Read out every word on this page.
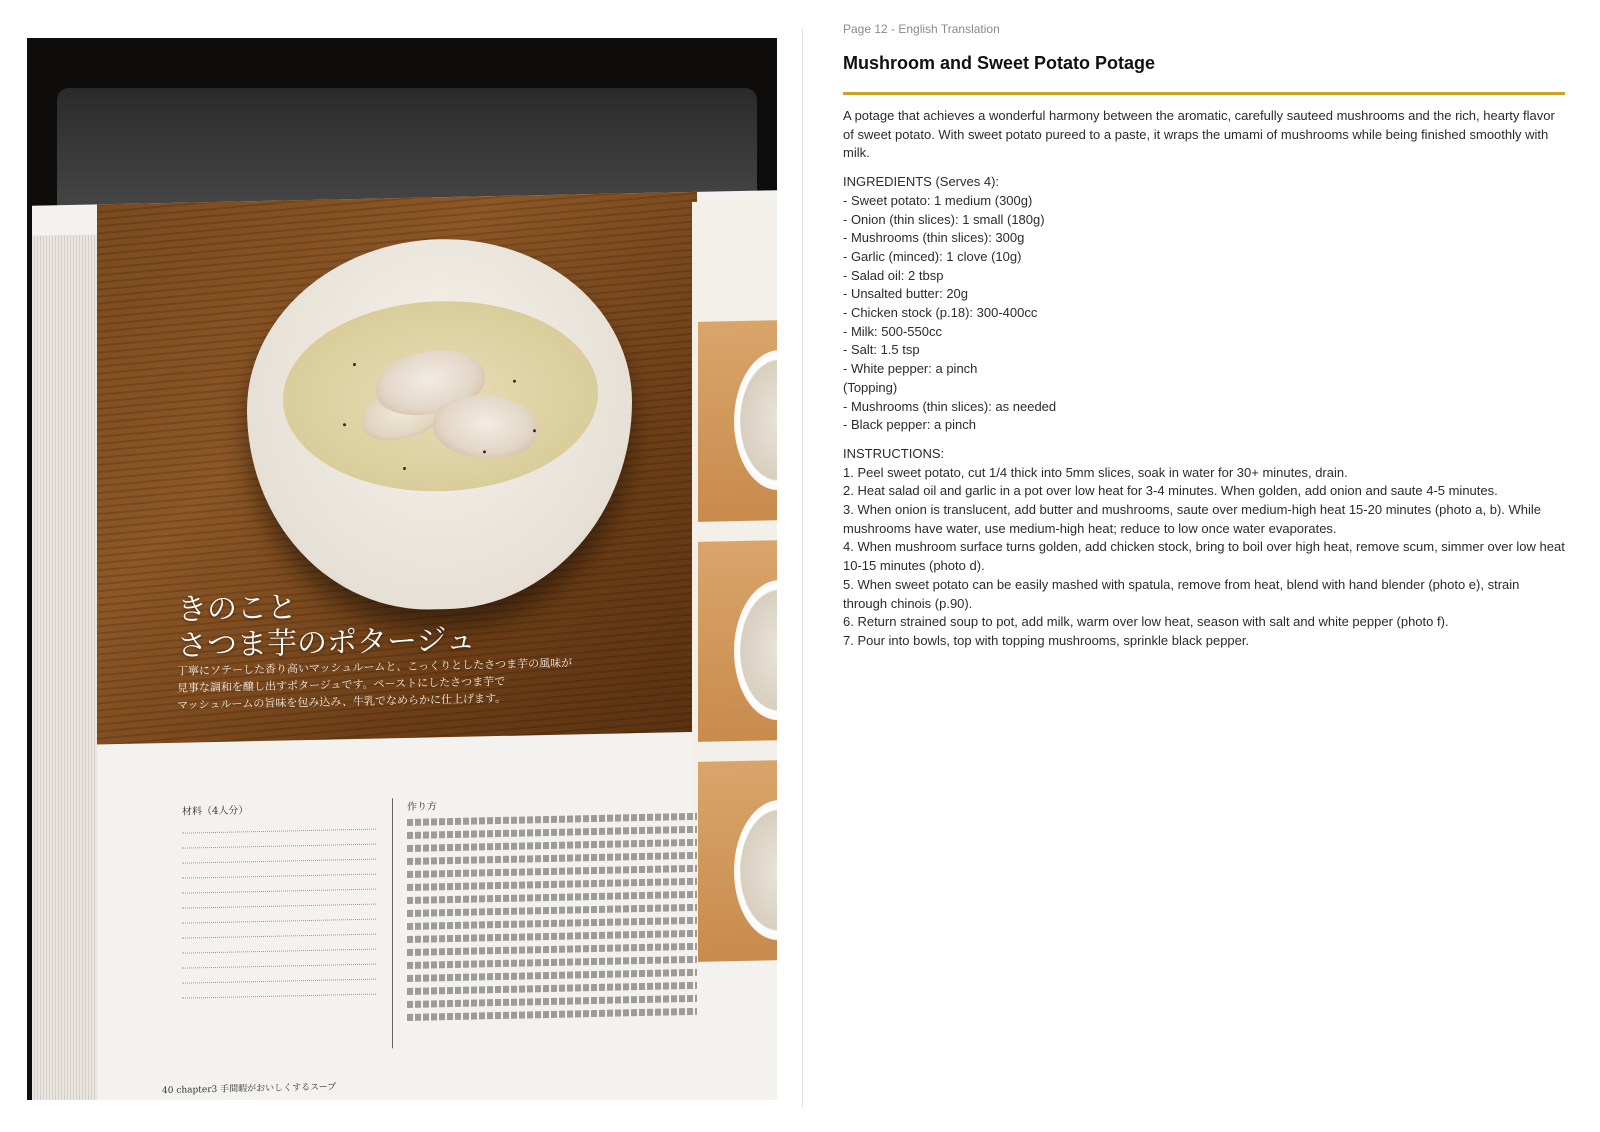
きのこと
さつま芋のポタージュ
丁寧にソテーした香り高いマッシュルームと、こっくりとしたさつま芋の風味が
見事な調和を醸し出すポタージュです。ペーストにしたさつま芋で
マッシュルームの旨味を包み込み、牛乳でなめらかに仕上げます。
材料（4人分）	作り方
40 chapter3 手間暇がおいしくするスープ

Page 12 - English Translation

Mushroom and Sweet Potato Potage

A potage that achieves a wonderful harmony between the aromatic, carefully sauteed mushrooms and the rich, hearty flavor of sweet potato. With sweet potato pureed to a paste, it wraps the umami of mushrooms while being finished smoothly with milk.

INGREDIENTS (Serves 4):

- Sweet potato: 1 medium (300g)
- Onion (thin slices): 1 small (180g)
- Mushrooms (thin slices): 300g
- Garlic (minced): 1 clove (10g)
- Salad oil: 2 tbsp
- Unsalted butter: 20g
- Chicken stock (p.18): 300-400cc
- Milk: 500-550cc
- Salt: 1.5 tsp
- White pepper: a pinch
(Topping)
- Mushrooms (thin slices): as needed
- Black pepper: a pinch

INSTRUCTIONS:

1. Peel sweet potato, cut 1/4 thick into 5mm slices, soak in water for 30+ minutes, drain.
2. Heat salad oil and garlic in a pot over low heat for 3-4 minutes. When golden, add onion and saute 4-5 minutes.
3. When onion is translucent, add butter and mushrooms, saute over medium-high heat 15-20 minutes (photo a, b). While mushrooms have water, use medium-high heat; reduce to low once water evaporates.
4. When mushroom surface turns golden, add chicken stock, bring to boil over high heat, remove scum, simmer over low heat 10-15 minutes (photo d).
5. When sweet potato can be easily mashed with spatula, remove from heat, blend with hand blender (photo e), strain through chinois (p.90).
6. Return strained soup to pot, add milk, warm over low heat, season with salt and white pepper (photo f).
7. Pour into bowls, top with topping mushrooms, sprinkle black pepper.
